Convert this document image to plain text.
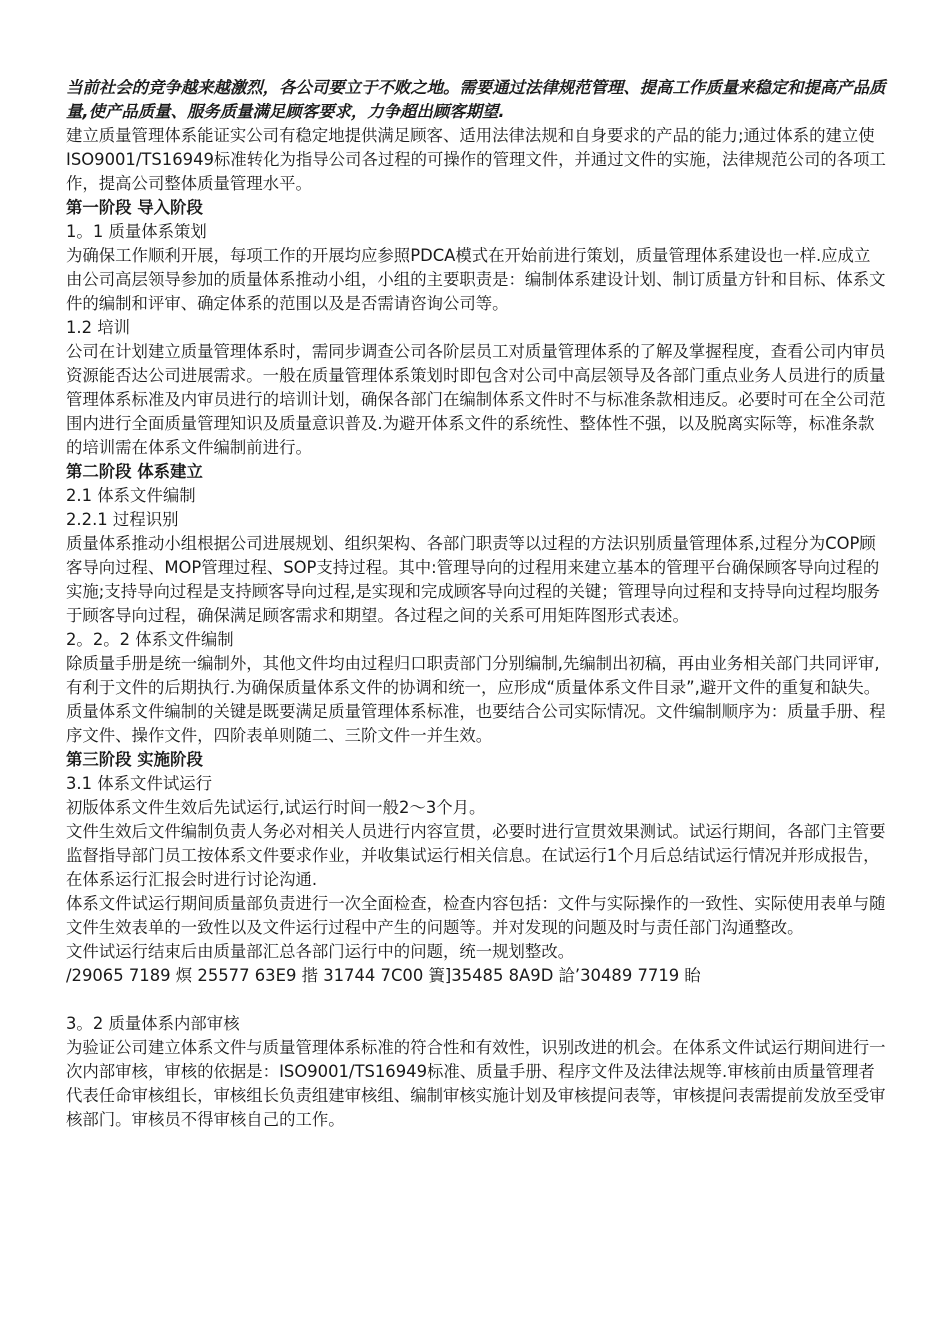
当前社会的竞争越来越激烈，各公司要立于不败之地。需要通过法律规范管理、提高工作质量来稳定和提高产品质量,使产品质量、服务质量满足顾客要求，力争超出顾客期望.

建立质量管理体系能证实公司有稳定地提供满足顾客、适用法律法规和自身要求的产品的能力;通过体系的建立使ISO9001/TS16949标准转化为指导公司各过程的可操作的管理文件，并通过文件的实施，法律规范公司的各项工作，提高公司整体质量管理水平。

第一阶段 导入阶段

1。1 质量体系策划

为确保工作顺利开展，每项工作的开展均应参照PDCA模式在开始前进行策划，质量管理体系建设也一样.应成立由公司高层领导参加的质量体系推动小组，小组的主要职责是：编制体系建设计划、制订质量方针和目标、体系文件的编制和评审、确定体系的范围以及是否需请咨询公司等。

1.2 培训

公司在计划建立质量管理体系时，需同步调查公司各阶层员工对质量管理体系的了解及掌握程度，查看公司内审员资源能否达公司进展需求。一般在质量管理体系策划时即包含对公司中高层领导及各部门重点业务人员进行的质量管理体系标准及内审员进行的培训计划，确保各部门在编制体系文件时不与标准条款相违反。必要时可在全公司范围内进行全面质量管理知识及质量意识普及.为避开体系文件的系统性、整体性不强，以及脱离实际等，标准条款的培训需在体系文件编制前进行。

第二阶段 体系建立

2.1 体系文件编制

2.2.1 过程识别

质量体系推动小组根据公司进展规划、组织架构、各部门职责等以过程的方法识别质量管理体系,过程分为COP顾客导向过程、MOP管理过程、SOP支持过程。其中:管理导向的过程用来建立基本的管理平台确保顾客导向过程的实施;支持导向过程是支持顾客导向过程,是实现和完成顾客导向过程的关键；管理导向过程和支持导向过程均服务于顾客导向过程，确保满足顾客需求和期望。各过程之间的关系可用矩阵图形式表述。

2。2。2 体系文件编制

除质量手册是统一编制外，其他文件均由过程归口职责部门分别编制,先编制出初稿，再由业务相关部门共同评审,有利于文件的后期执行.为确保质量体系文件的协调和统一，应形成“质量体系文件目录”,避开文件的重复和缺失。

质量体系文件编制的关键是既要满足质量管理体系标准，也要结合公司实际情况。文件编制顺序为：质量手册、程序文件、操作文件，四阶表单则随二、三阶文件一并生效。

第三阶段 实施阶段

3.1 体系文件试运行

初版体系文件生效后先试运行,试运行时间一般2～3个月。

文件生效后文件编制负责人务必对相关人员进行内容宣贯，必要时进行宣贯效果测试。试运行期间，各部门主管要监督指导部门员工按体系文件要求作业，并收集试运行相关信息。在试运行1个月后总结试运行情况并形成报告，在体系运行汇报会时进行讨论沟通.

体系文件试运行期间质量部负责进行一次全面检查，检查内容包括：文件与实际操作的一致性、实际使用表单与随文件生效表单的一致性以及文件运行过程中产生的问题等。并对发现的问题及时与责任部门沟通整改。

文件试运行结束后由质量部汇总各部门运行中的问题，统一规划整改。

/29065 7189 熐 25577 63E9 揩 31744 7C00 簀]35485 8A9D 詥’30489 7719 眙

3。2 质量体系内部审核

为验证公司建立体系文件与质量管理体系标准的符合性和有效性，识别改进的机会。在体系文件试运行期间进行一次内部审核，审核的依据是：ISO9001/TS16949标准、质量手册、程序文件及法律法规等.审核前由质量管理者代表任命审核组长，审核组长负责组建审核组、编制审核实施计划及审核提问表等，审核提问表需提前发放至受审核部门。审核员不得审核自己的工作。
